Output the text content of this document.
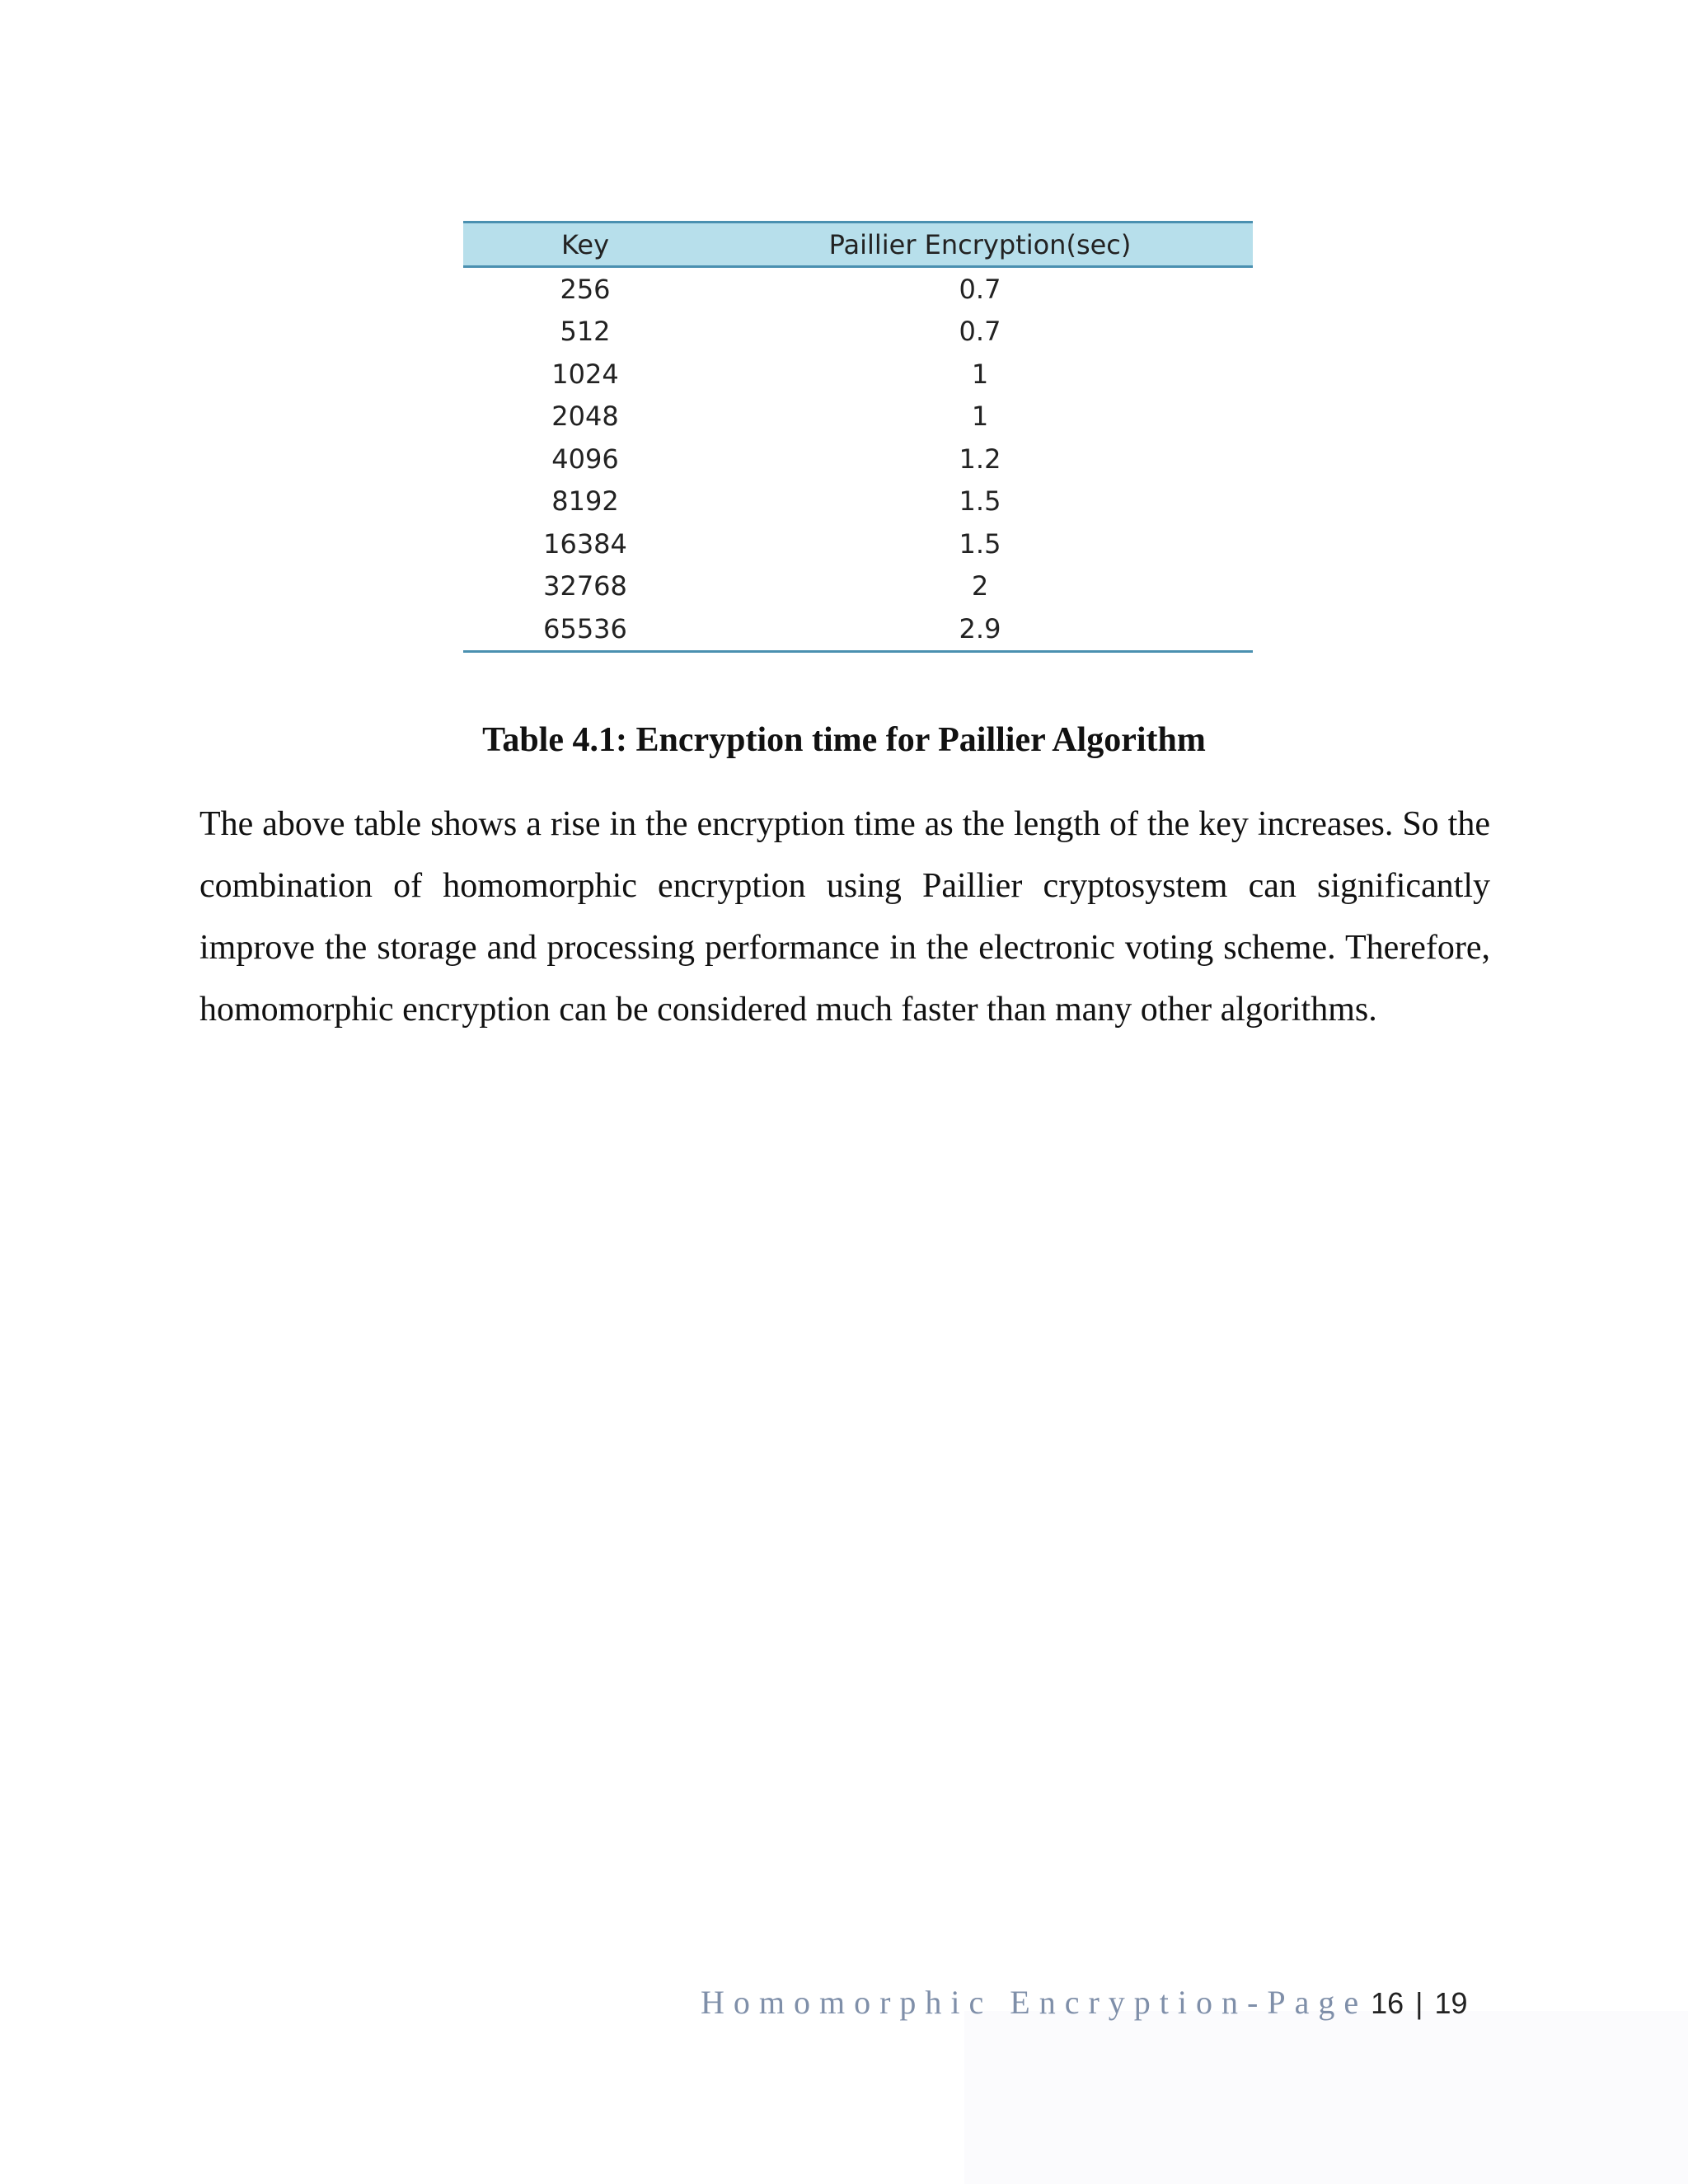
Key	Paillier Encryption(sec)
256	0.7
512	0.7
1024	1
2048	1
4096	1.2
8192	1.5
16384	1.5
32768	2
65536	2.9
Table 4.1: Encryption time for Paillier Algorithm

The above table shows a rise in the encryption time as the length of the key increases. So the combination of homomorphic encryption using Paillier cryptosystem can significantly improve the storage and processing performance in the electronic voting scheme. Therefore, homomorphic encryption can be considered much faster than many other algorithms.

Homomorphic Encryption-Page 16 | 19
